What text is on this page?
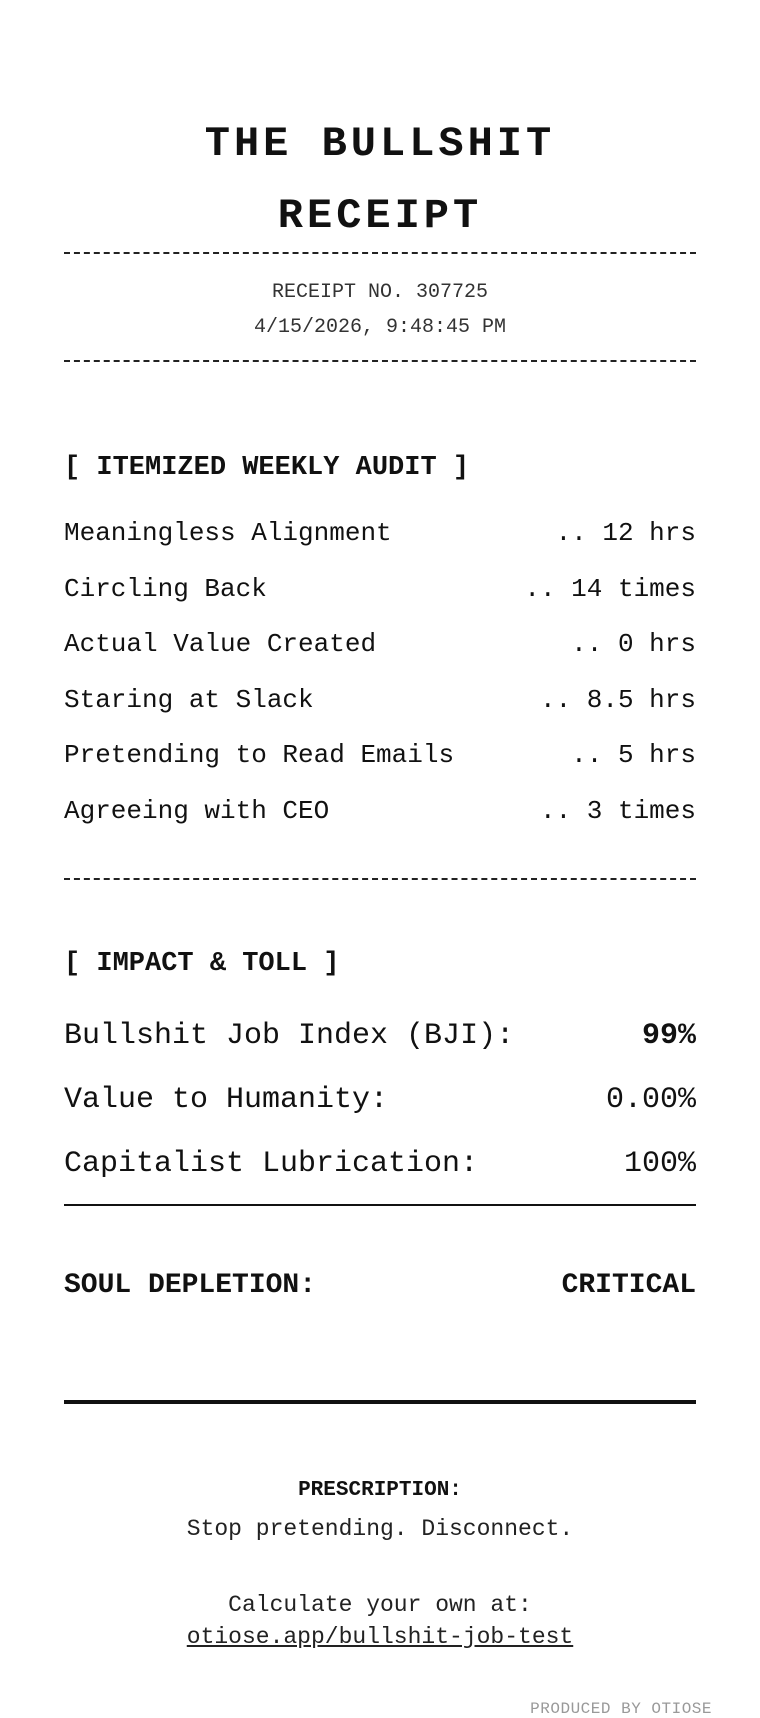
THE BULLSHIT
RECEIPT
RECEIPT NO. 307725
4/15/2026, 9:48:45 PM
[ ITEMIZED WEEKLY AUDIT ]
Meaningless Alignment	.. 12 hrs
Circling Back	.. 14 times
Actual Value Created	.. 0 hrs
Staring at Slack	.. 8.5 hrs
Pretending to Read Emails	.. 5 hrs
Agreeing with CEO	.. 3 times
[ IMPACT & TOLL ]
Bullshit Job Index (BJI):	99%
Value to Humanity:	0.00%
Capitalist Lubrication:	100%
SOUL DEPLETION:	CRITICAL
PRESCRIPTION:
Stop pretending. Disconnect.
Calculate your own at:
otiose.app/bullshit-job-test
PRODUCED BY OTIOSE
